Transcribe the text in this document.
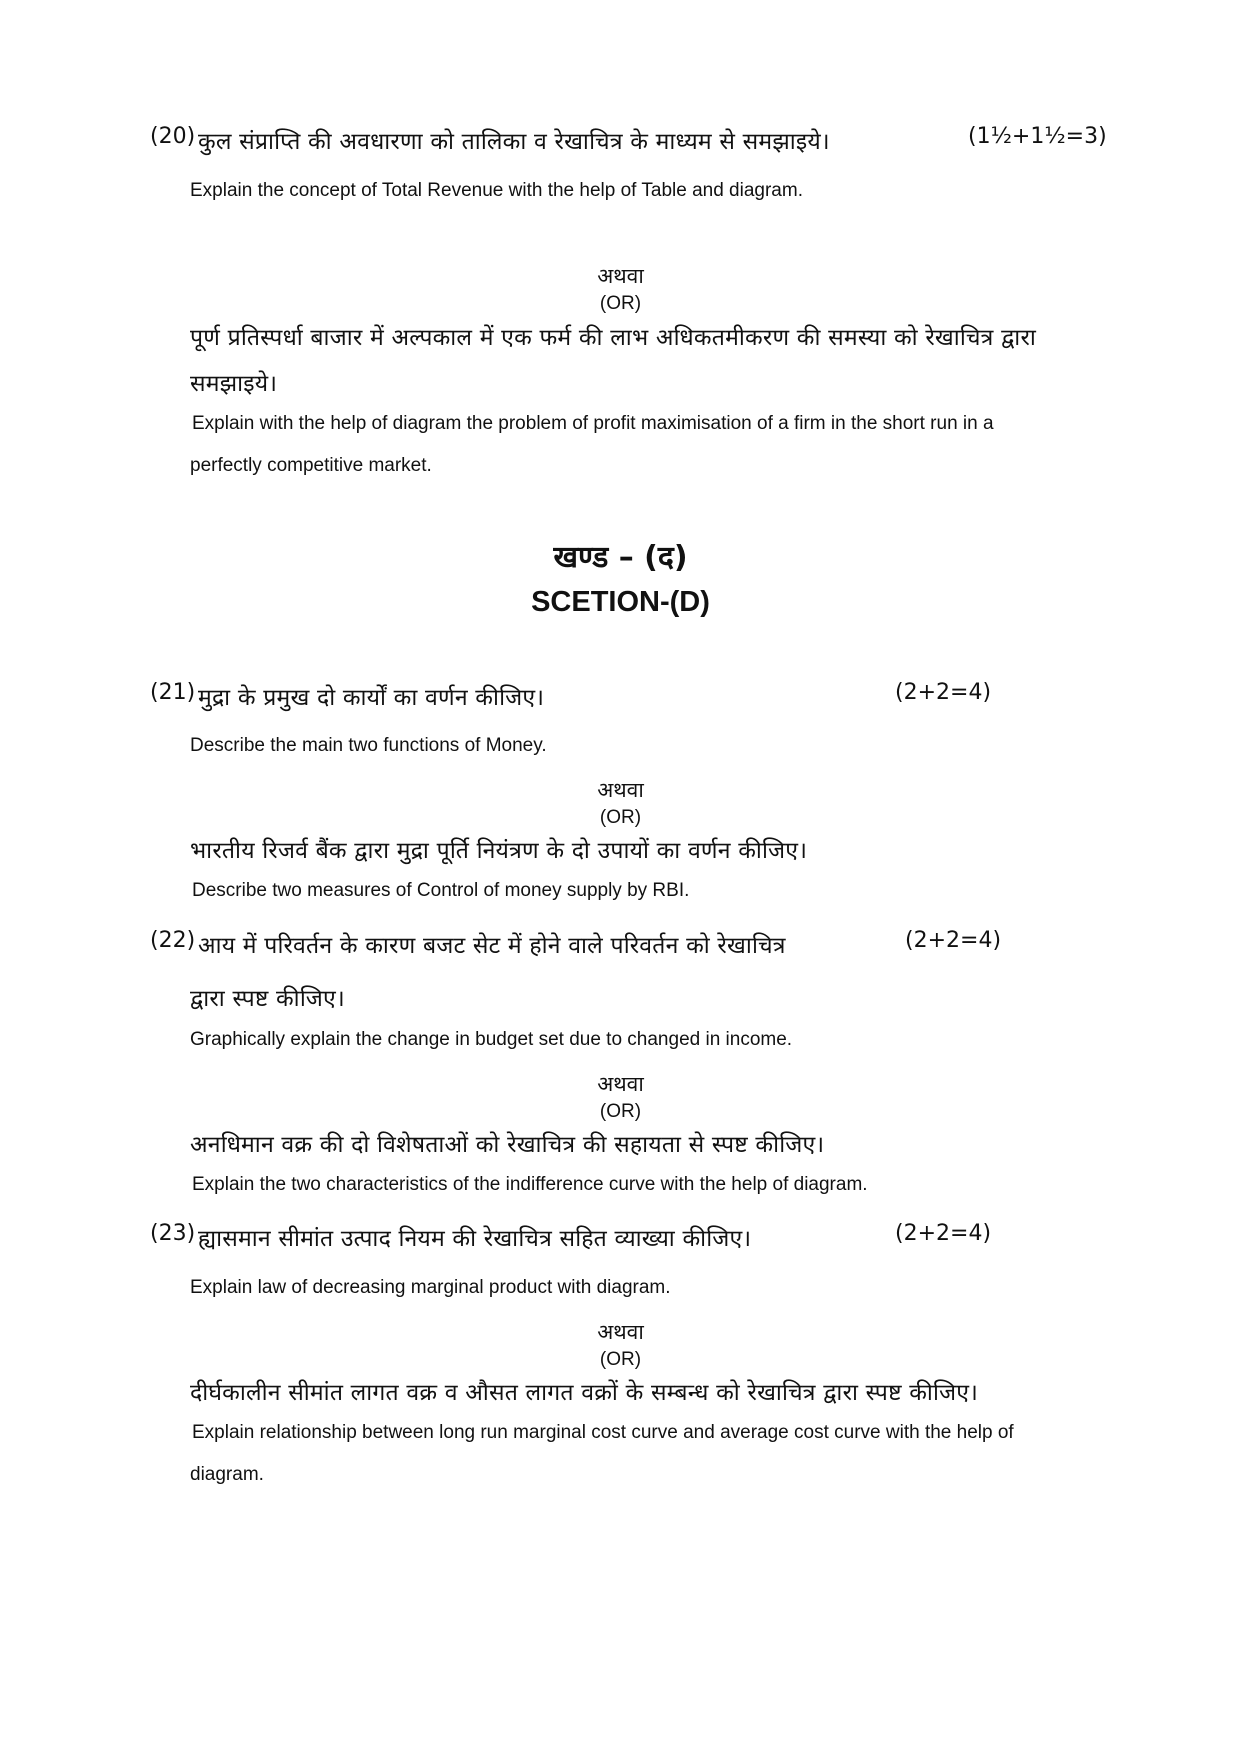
(20) कुल संप्राप्ति की अवधारणा को तालिका व रेखाचित्र के माध्यम से समझाइये।	(1½+1½=3)
Explain the concept of Total Revenue with the help of Table and diagram.
अथवा
(OR)
पूर्ण प्रतिस्पर्धा बाजार में अल्पकाल में एक फर्म की लाभ अधिकतमीकरण की समस्या को रेखाचित्र द्वारा
समझाइये।
Explain with the help of diagram the problem of profit maximisation of a firm in the short run in a
perfectly competitive market.
खण्ड – (द)
SCETION-(D)
(21) मुद्रा के प्रमुख दो कार्यों का वर्णन कीजिए।	(2+2=4)
Describe the main two functions of Money.
अथवा
(OR)
भारतीय रिजर्व बैंक द्वारा मुद्रा पूर्ति नियंत्रण के दो उपायों का वर्णन कीजिए।
Describe two measures of Control of money supply by RBI.
(22) आय में परिवर्तन के कारण बजट सेट में होने वाले परिवर्तन को रेखाचित्र	(2+2=4)
द्वारा स्पष्ट कीजिए।
Graphically explain the change in budget set due to changed in income.
अथवा
(OR)
अनधिमान वक्र की दो विशेषताओं को रेखाचित्र की सहायता से स्पष्ट कीजिए।
Explain the two characteristics of the indifference curve with the help of diagram.
(23) ह्यासमान सीमांत उत्पाद नियम की रेखाचित्र सहित व्याख्या कीजिए।	(2+2=4)
Explain law of decreasing marginal product with diagram.
अथवा
(OR)
दीर्घकालीन सीमांत लागत वक्र व औसत लागत वक्रों के सम्बन्ध को रेखाचित्र द्वारा स्पष्ट कीजिए।
Explain relationship between long run marginal cost curve and average cost curve with the help of
diagram.
